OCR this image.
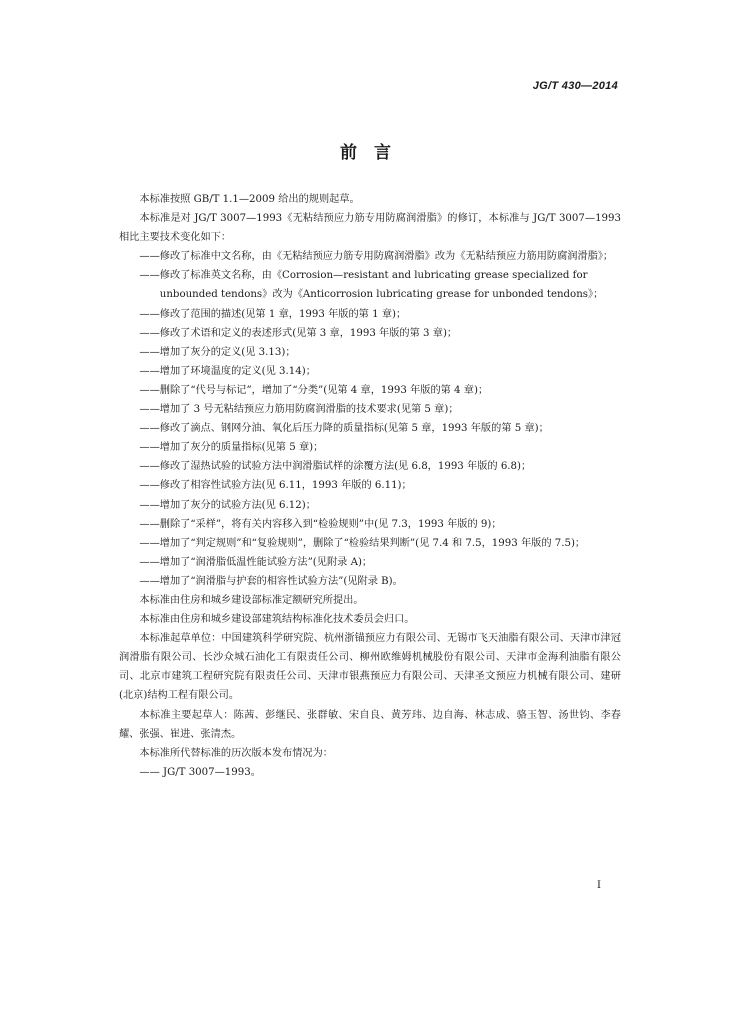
JG/T 430—2014
前　言

本标准按照 GB/T 1.1—2009 给出的规则起草。

本标准是对 JG/T 3007—1993《无粘结预应力筋专用防腐润滑脂》的修订，本标准与 JG/T 3007—1993 相比主要技术变化如下：

——修改了标准中文名称，由《无粘结预应力筋专用防腐润滑脂》改为《无粘结预应力筋用防腐润滑脂》；

——修改了标准英文名称，由《Corrosion—resistant and lubricating grease specialized for unbounded tendons》改为《Anticorrosion lubricating grease for unbonded tendons》；

——修改了范围的描述(见第 1 章，1993 年版的第 1 章)；

——修改了术语和定义的表述形式(见第 3 章，1993 年版的第 3 章)；

——增加了灰分的定义(见 3.13)；

——增加了环境温度的定义(见 3.14)；

——删除了“代号与标记”，增加了“分类”(见第 4 章，1993 年版的第 4 章)；

——增加了 3 号无粘结预应力筋用防腐润滑脂的技术要求(见第 5 章)；

——修改了滴点、钢网分油、氧化后压力降的质量指标(见第 5 章，1993 年版的第 5 章)；

——增加了灰分的质量指标(见第 5 章)；

——修改了湿热试验的试验方法中润滑脂试样的涂覆方法(见 6.8，1993 年版的 6.8)；

——修改了相容性试验方法(见 6.11，1993 年版的 6.11)；

——增加了灰分的试验方法(见 6.12)；

——删除了“采样”，将有关内容移入到“检验规则”中(见 7.3，1993 年版的 9)；

——增加了“判定规则”和“复验规则”，删除了“检验结果判断”(见 7.4 和 7.5，1993 年版的 7.5)；

——增加了“润滑脂低温性能试验方法”(见附录 A)；

——增加了“润滑脂与护套的相容性试验方法”(见附录 B)。

本标准由住房和城乡建设部标准定额研究所提出。

本标准由住房和城乡建设部建筑结构标准化技术委员会归口。

本标准起草单位：中国建筑科学研究院、杭州浙锚预应力有限公司、无锡市飞天油脂有限公司、天津市津冠润滑脂有限公司、长沙众城石油化工有限责任公司、柳州欧维姆机械股份有限公司、天津市金海利油脂有限公司、北京市建筑工程研究院有限责任公司、天津市银燕预应力有限公司、天津圣文预应力机械有限公司、建研(北京)结构工程有限公司。

本标准主要起草人：陈茜、彭继民、张群敏、宋自良、黄芳玮、边自海、林志成、骆玉智、汤世钧、李春耀、张强、崔进、张清杰。

本标准所代替标准的历次版本发布情况为：

—— JG/T 3007—1993。

I
